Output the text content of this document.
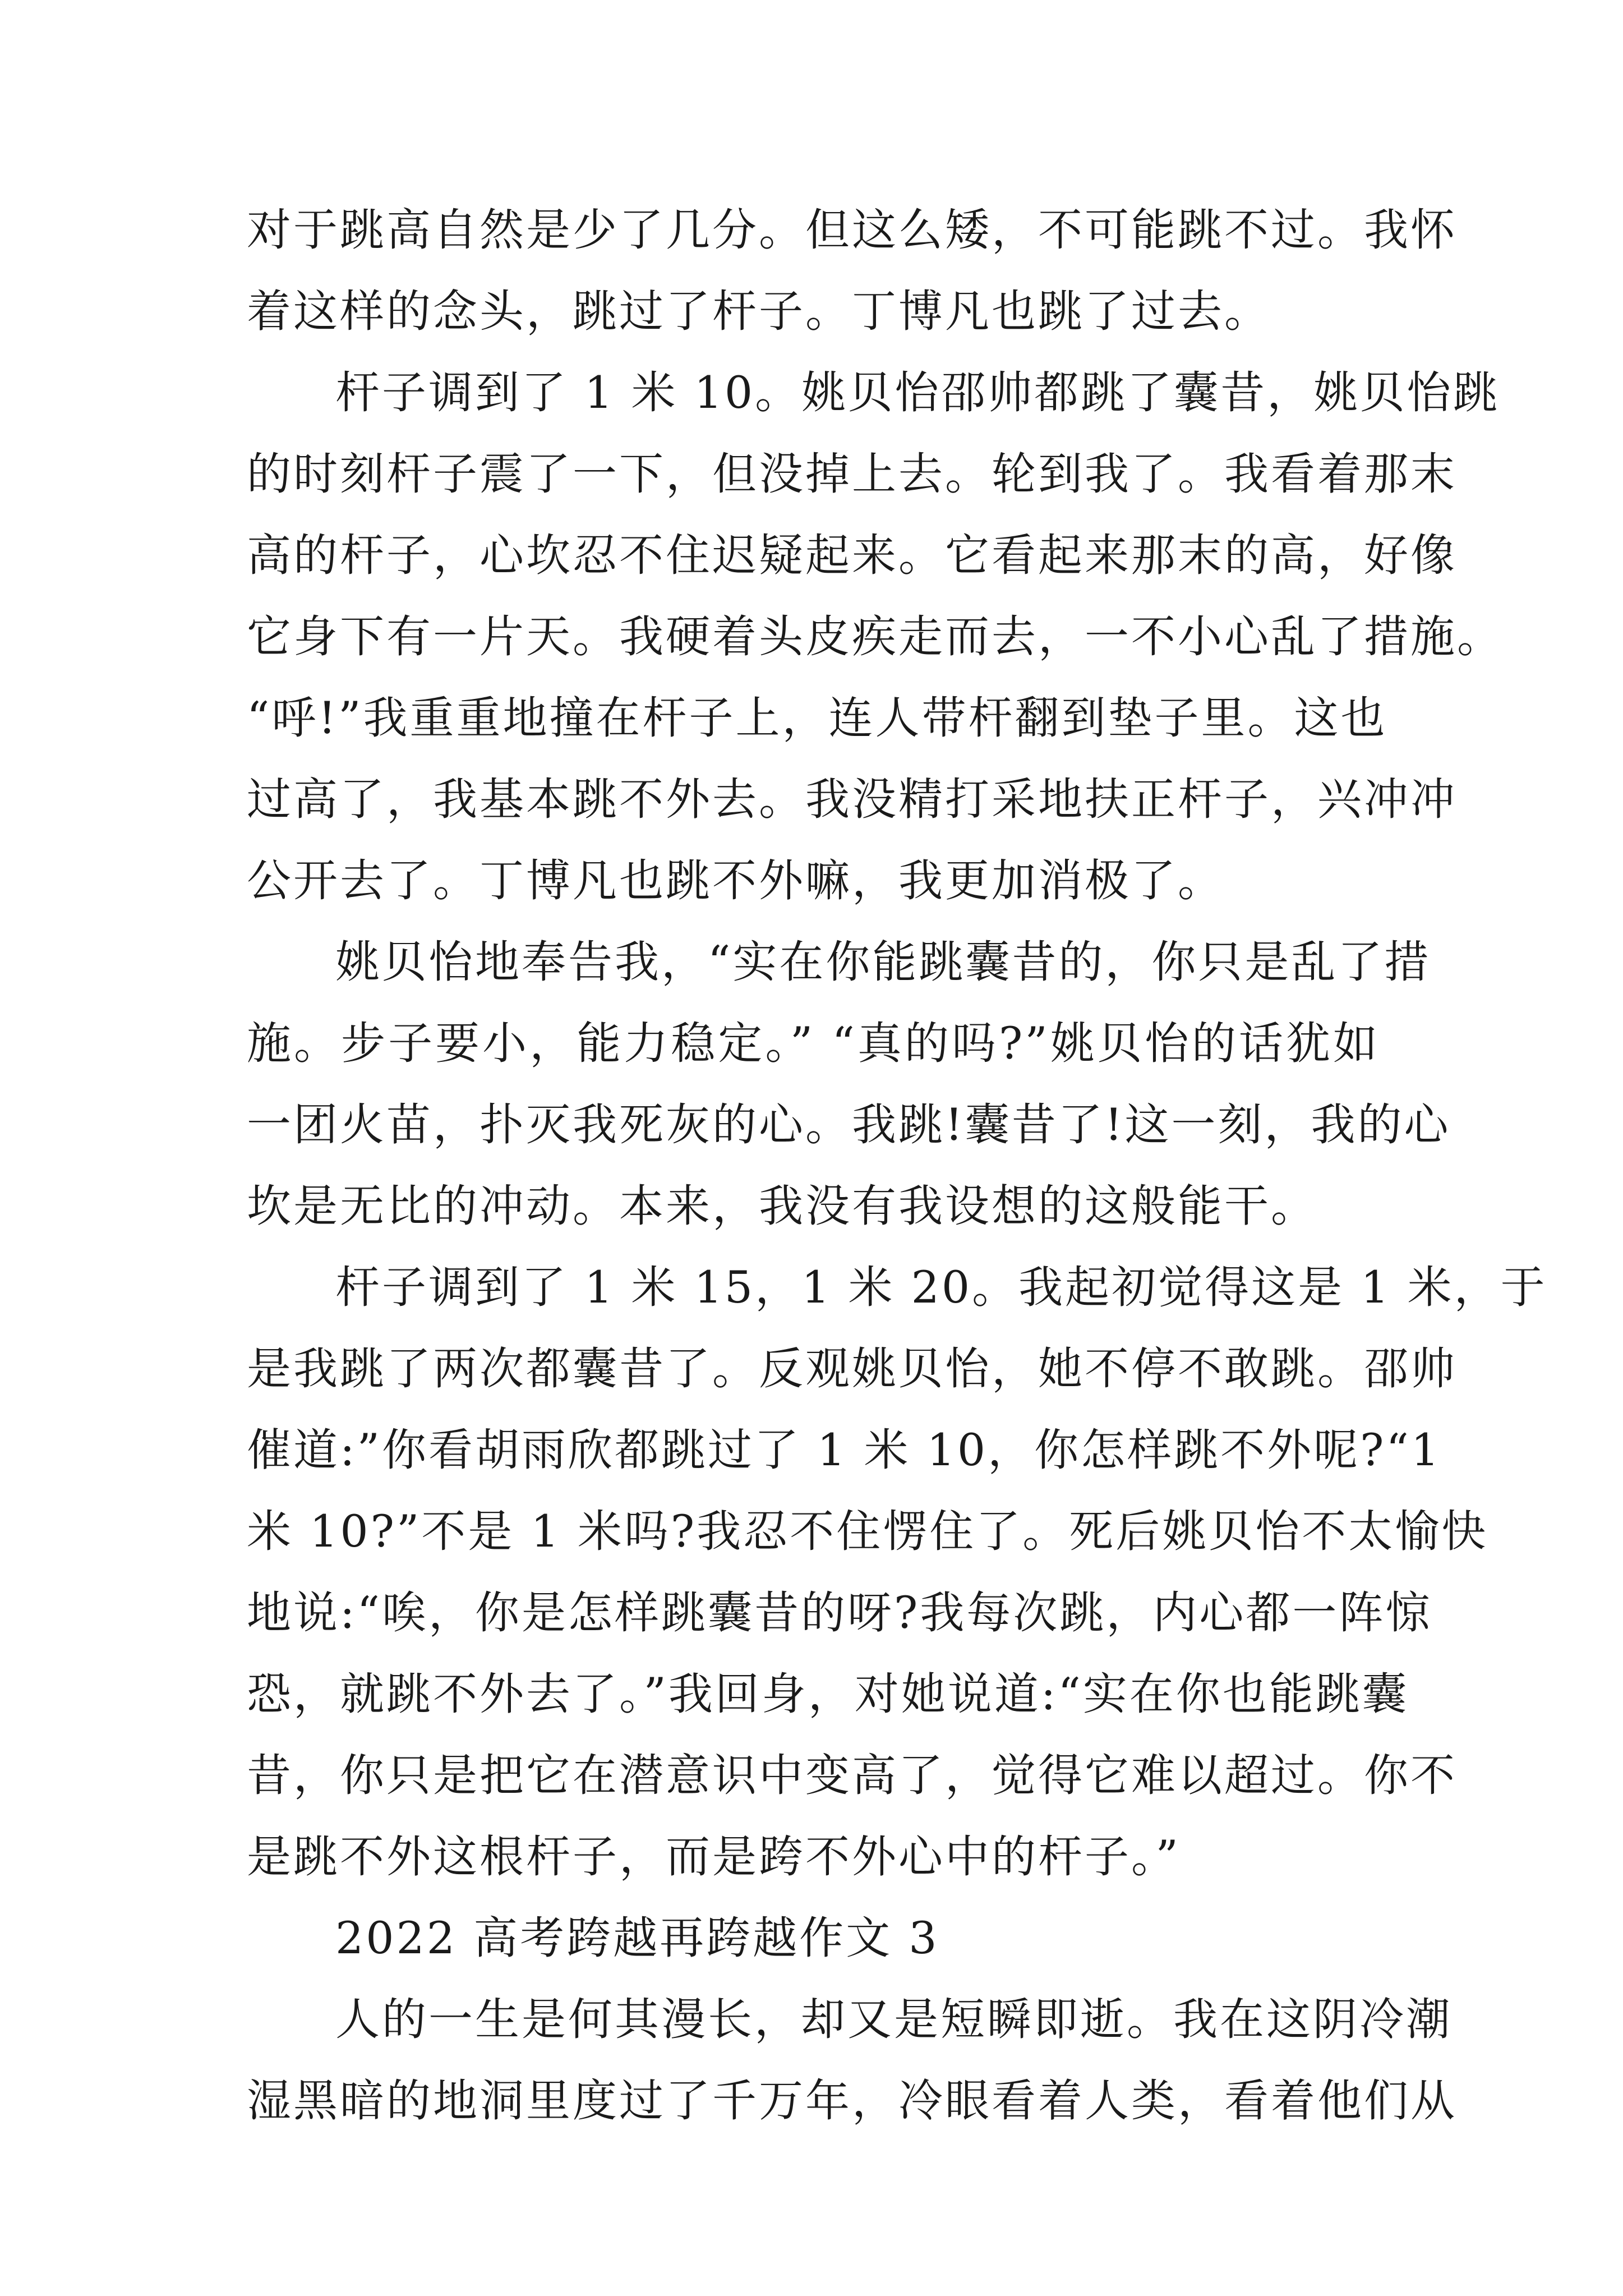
对于跳高自然是少了几分。但这么矮，不可能跳不过。我怀
着这样的念头，跳过了杆子。丁博凡也跳了过去。
杆子调到了 1 米 10。姚贝怡邵帅都跳了囊昔，姚贝怡跳
的时刻杆子震了一下，但没掉上去。轮到我了。我看着那末
高的杆子，心坎忍不住迟疑起来。它看起来那末的高，好像
它身下有一片天。我硬着头皮疾走而去，一不小心乱了措施。
“呼!”我重重地撞在杆子上，连人带杆翻到垫子里。这也
过高了，我基本跳不外去。我没精打采地扶正杆子，兴冲冲
公开去了。丁博凡也跳不外嘛，我更加消极了。
姚贝怡地奉告我，“实在你能跳囊昔的，你只是乱了措
施。步子要小，能力稳定。” “真的吗?”姚贝怡的话犹如
一团火苗，扑灭我死灰的心。我跳!囊昔了!这一刻，我的心
坎是无比的冲动。本来，我没有我设想的这般能干。
杆子调到了 1 米 15，1 米 20。我起初觉得这是 1 米，于
是我跳了两次都囊昔了。反观姚贝怡，她不停不敢跳。邵帅
催道:”你看胡雨欣都跳过了 1 米 10，你怎样跳不外呢?“1
米 10?”不是 1 米吗?我忍不住愣住了。死后姚贝怡不太愉快
地说:“唉，你是怎样跳囊昔的呀?我每次跳，内心都一阵惊
恐，就跳不外去了。”我回身，对她说道:“实在你也能跳囊
昔，你只是把它在潜意识中变高了，觉得它难以超过。你不
是跳不外这根杆子，而是跨不外心中的杆子。”
2022 高考跨越再跨越作文 3
人的一生是何其漫长，却又是短瞬即逝。我在这阴冷潮
湿黑暗的地洞里度过了千万年，冷眼看着人类，看着他们从
